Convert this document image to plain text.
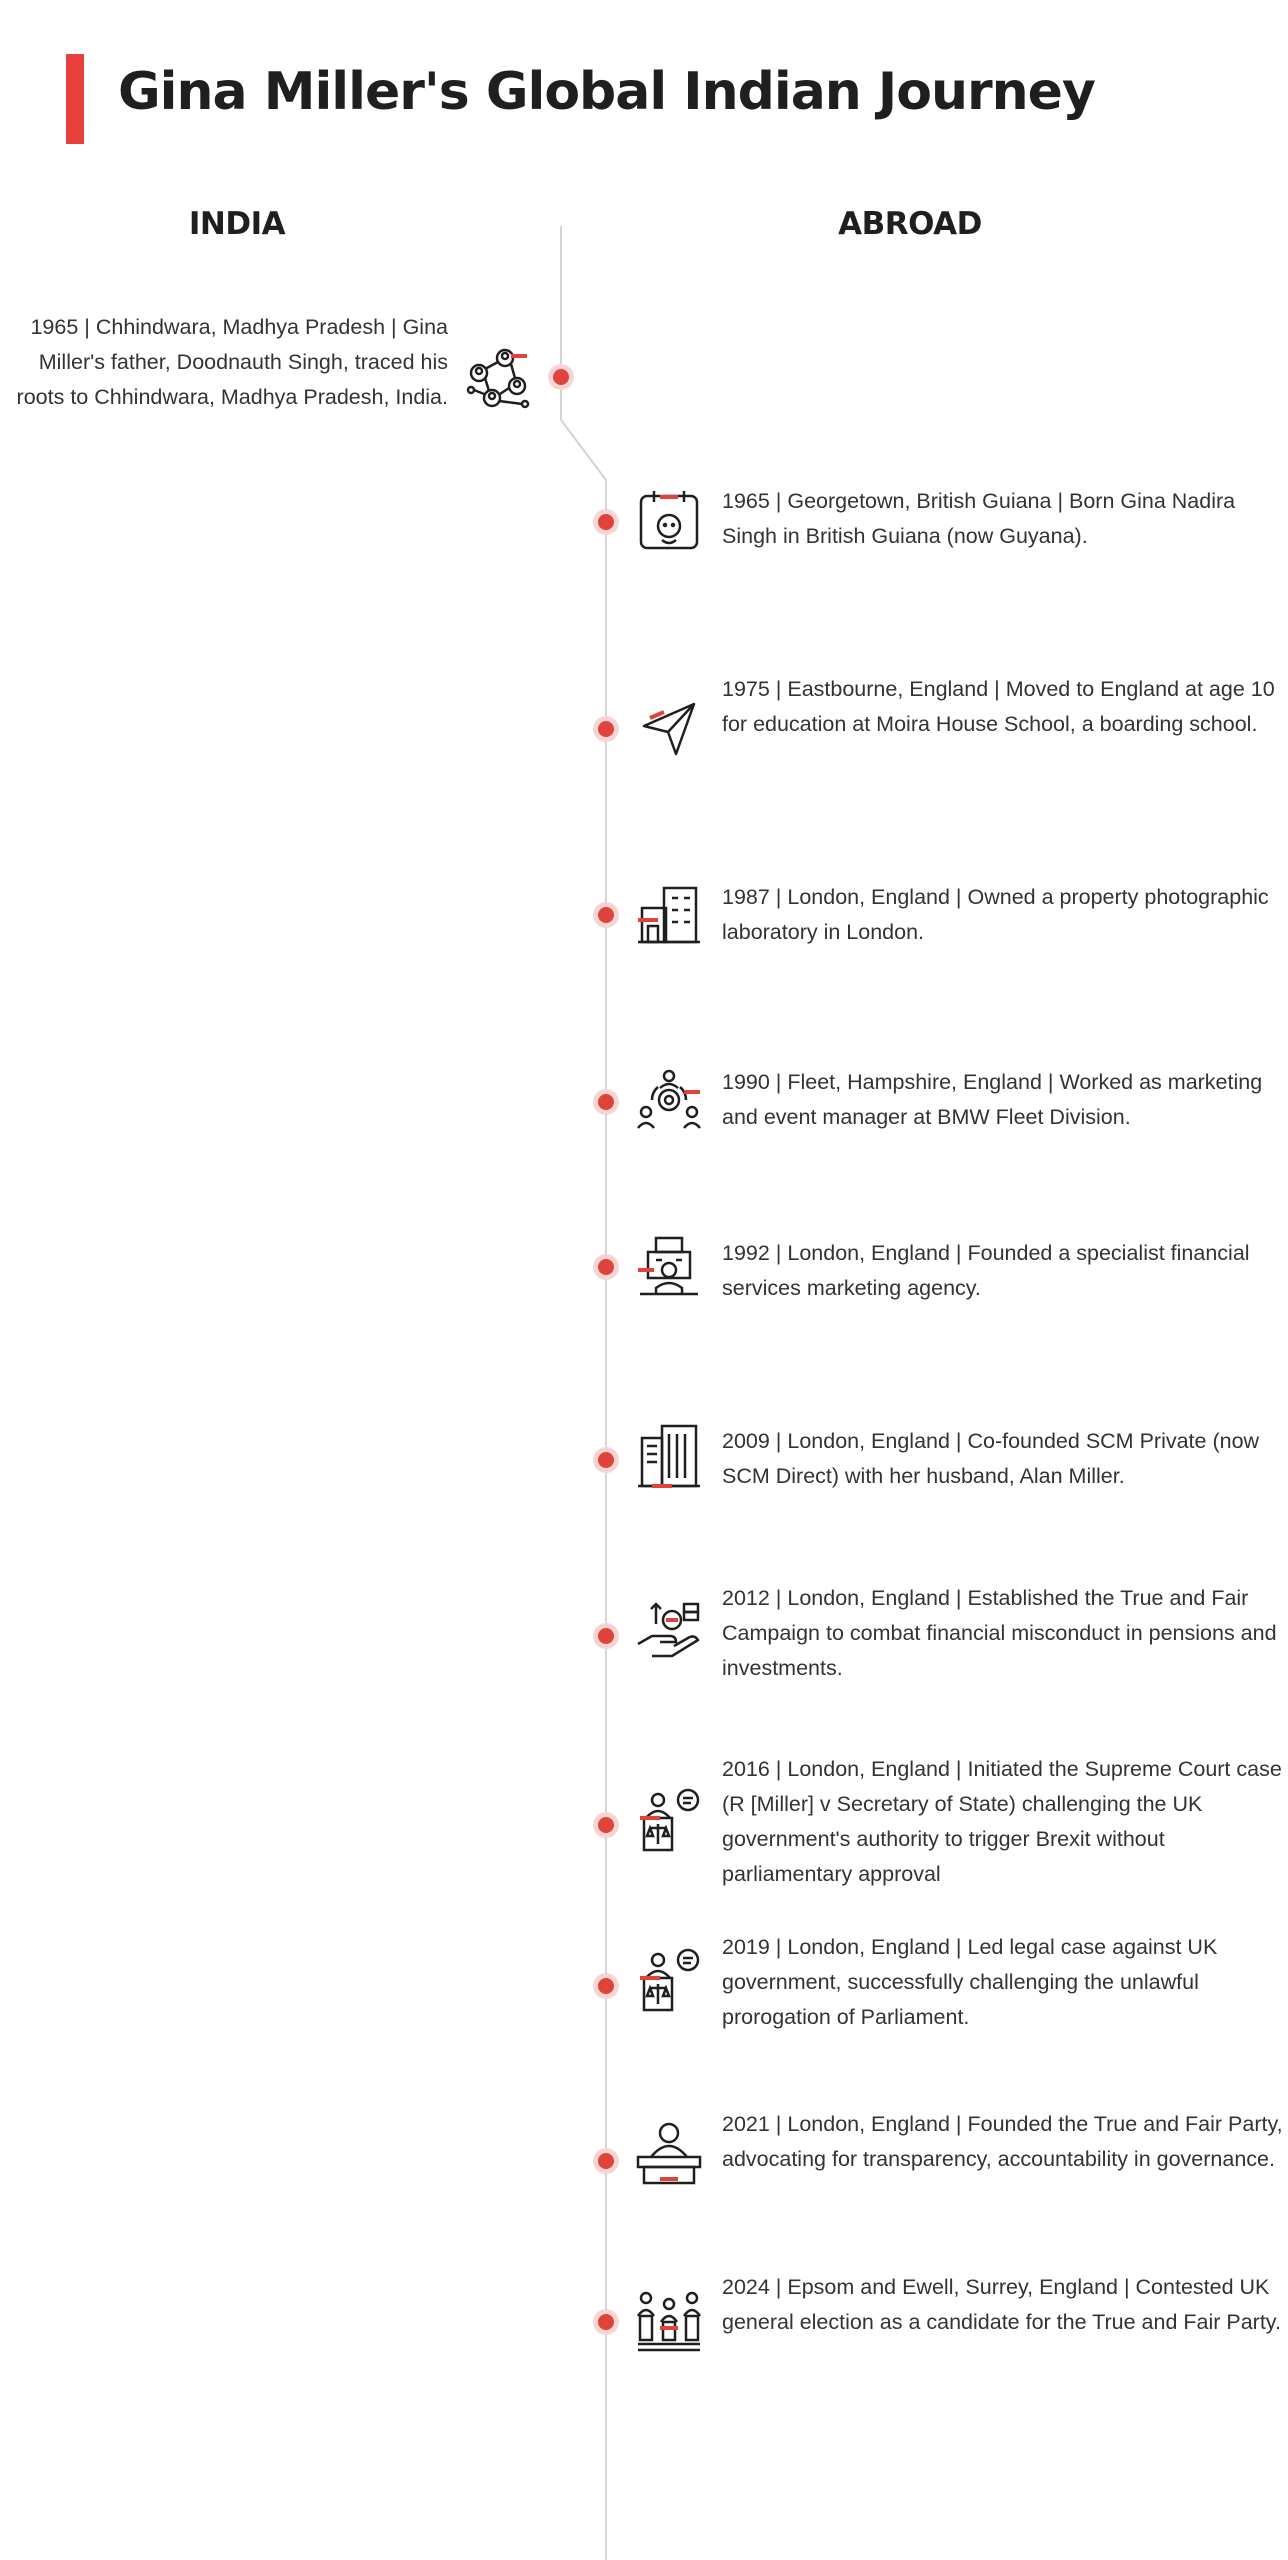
Gina Miller's Global Indian Journey
INDIA	ABROAD

1965 | Chhindwara, Madhya Pradesh | Gina Miller's father, Doodnauth Singh, traced his roots to Chhindwara, Madhya Pradesh, India.

1965 | Georgetown, British Guiana | Born Gina Nadira Singh in British Guiana (now Guyana).

1975 | Eastbourne, England | Moved to England at age 10 for education at Moira House School, a boarding school.

1987 | London, England | Owned a property photographic laboratory in London.

1990 | Fleet, Hampshire, England | Worked as marketing and event manager at BMW Fleet Division.

1992 | London, England | Founded a specialist financial services marketing agency.

2009 | London, England | Co-founded SCM Private (now SCM Direct) with her husband, Alan Miller.

2012 | London, England | Established the True and Fair Campaign to combat financial misconduct in pensions and investments.

2016 | London, England | Initiated the Supreme Court case (R [Miller] v Secretary of State) challenging the UK government's authority to trigger Brexit without parliamentary approval

2019 | London, England | Led legal case against UK government, successfully challenging the unlawful prorogation of Parliament.

2021 | London, England | Founded the True and Fair Party, advocating for transparency, accountability in governance.

2024 | Epsom and Ewell, Surrey, England | Contested UK general election as a candidate for the True and Fair Party.
